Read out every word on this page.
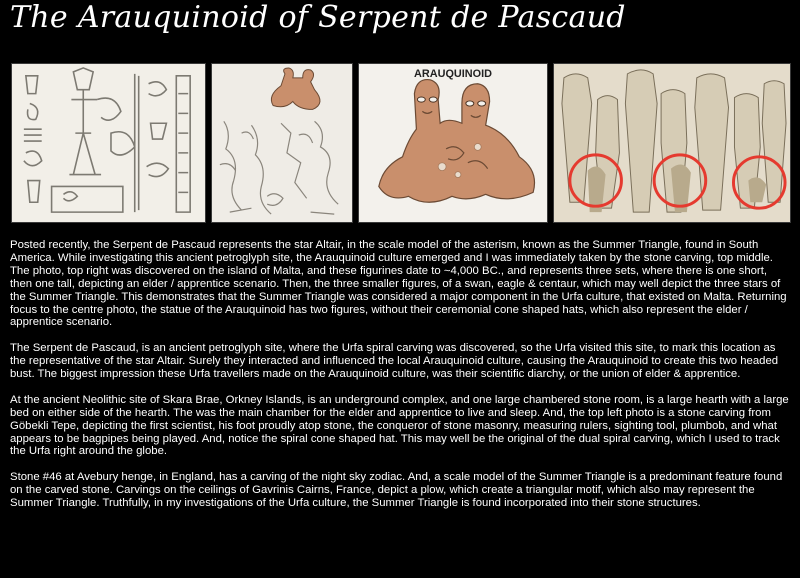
The Arauquinoid of Serpent de Pascaud
ARAUQUINOID

Posted recently, the Serpent de Pascaud represents the star Altair, in the scale model of the asterism, known as the Summer Triangle, found in South America. While investigating this ancient petroglyph site, the Arauquinoid culture emerged and I was immediately taken by the stone carving, top middle. The photo, top right was discovered on the island of Malta, and these figurines date to ~4,000 BC., and represents three sets, where there is one short, then one tall, depicting an elder / apprentice scenario. Then, the three smaller figures, of a swan, eagle & centaur, which may well depict the three stars of the Summer Triangle. This demonstrates that the Summer Triangle was considered a major component in the Urfa culture, that existed on Malta. Returning focus to the centre photo, the statue of the Arauquinoid has two figures, without their ceremonial cone shaped hats, which also represent the elder / apprentice scenario.

The Serpent de Pascaud, is an ancient petroglyph site, where the Urfa spiral carving was discovered, so the Urfa visited this site, to mark this location as the representative of the star Altair. Surely they interacted and influenced the local Arauquinoid culture, causing the Arauquinoid to create this two headed bust. The biggest impression these Urfa travellers made on the Arauquinoid culture, was their scientific diarchy, or the union of elder & apprentice.

At the ancient Neolithic site of Skara Brae, Orkney Islands, is an underground complex, and one large chambered stone room, is a large hearth with a large bed on either side of the hearth. The was the main chamber for the elder and apprentice to live and sleep. And, the top left photo is a stone carving from Göbekli Tepe, depicting the first scientist, his foot proudly atop stone, the conqueror of stone masonry, measuring rulers, sighting tool, plumbob, and what appears to be bagpipes being played. And, notice the spiral cone shaped hat. This may well be the original of the dual spiral carving, which I used to track the Urfa right around the globe.

Stone #46 at Avebury henge, in England, has a carving of the night sky zodiac. And, a scale model of the Summer Triangle is a predominant feature found on the carved stone. Carvings on the ceilings of Gavrinis Cairns, France, depict a plow, which create a triangular motif, which also may represent the Summer Triangle. Truthfully, in my investigations of the Urfa culture, the Summer Triangle is found incorporated into their stone structures.
